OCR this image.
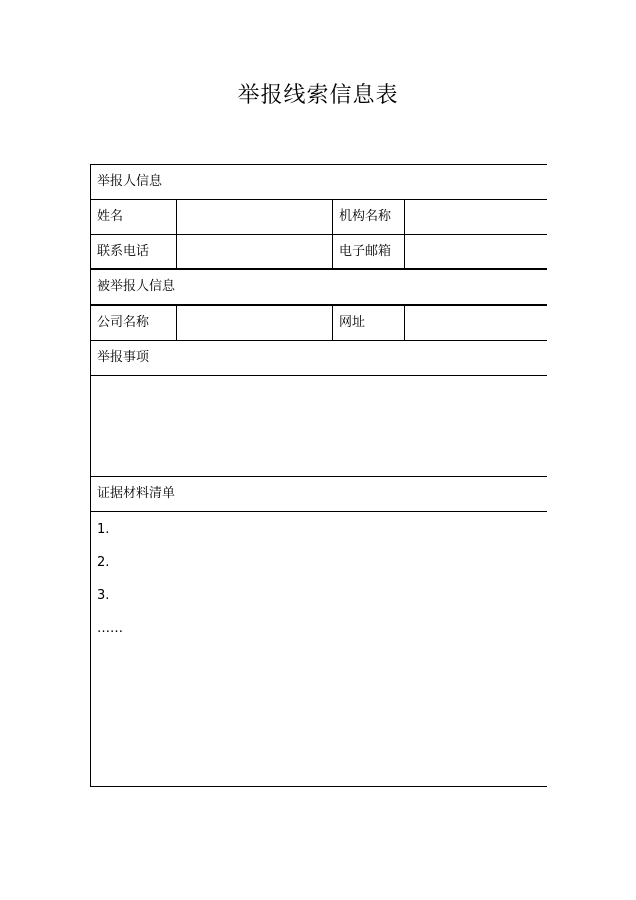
举报线索信息表
举报人信息			
姓名		机构名称	
联系电话		电子邮箱	
被举报人信息			
公司名称		网址	
举报事项			

证据材料清单			

1.
2.
3.
……			
